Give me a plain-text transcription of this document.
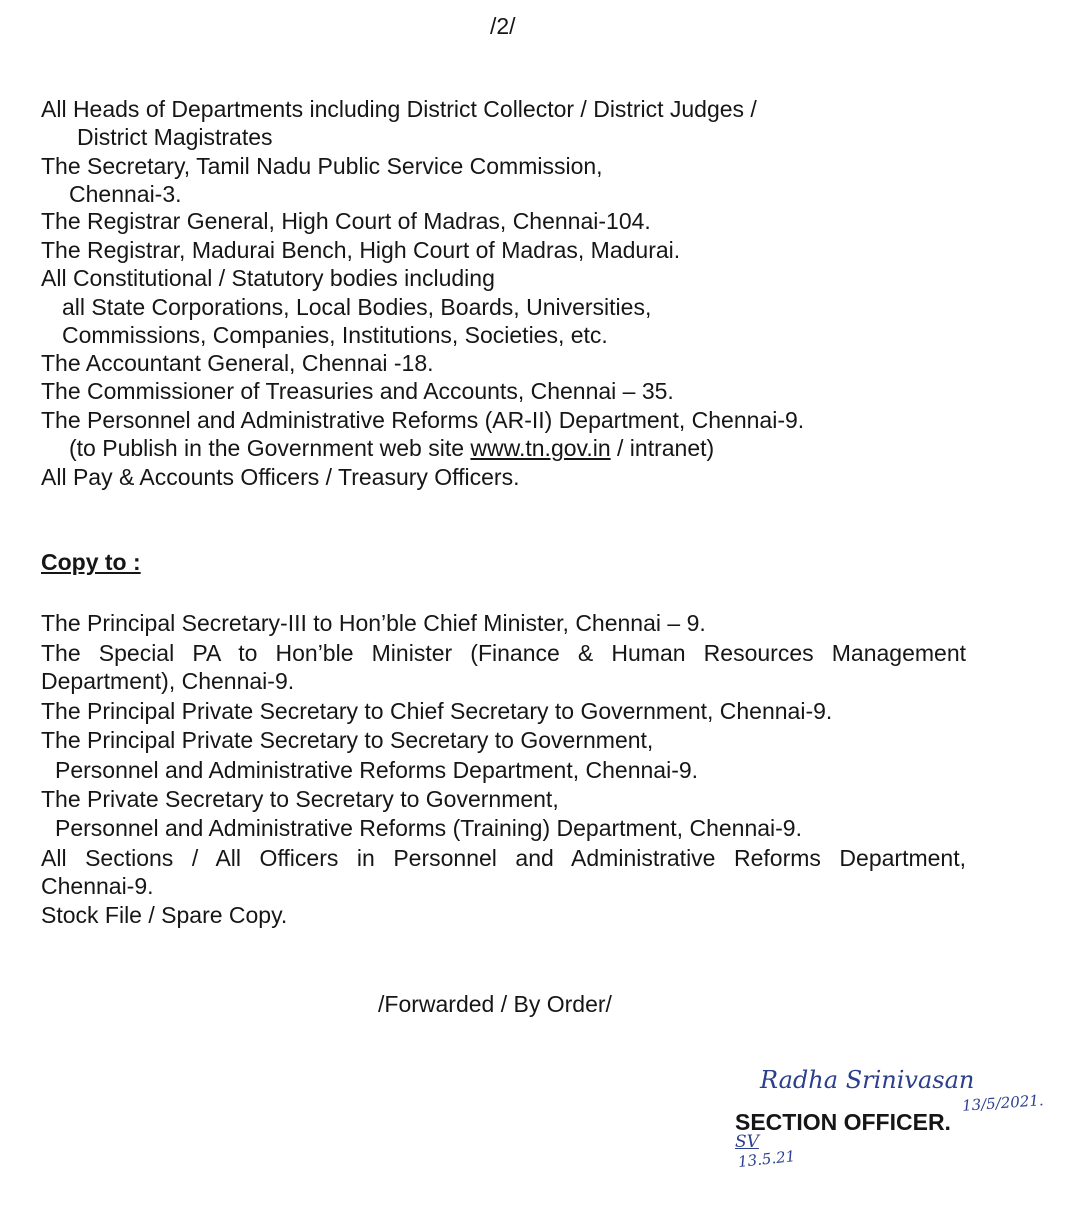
/2/
All Heads of Departments including District Collector / District Judges /
District Magistrates
The Secretary, Tamil Nadu Public Service Commission,
Chennai-3.
The Registrar General, High Court of Madras, Chennai-104.
The Registrar, Madurai Bench, High Court of Madras, Madurai.
All Constitutional / Statutory bodies including
all State Corporations, Local Bodies, Boards, Universities,
Commissions, Companies, Institutions, Societies, etc.
The Accountant General, Chennai -18.
The Commissioner of Treasuries and Accounts, Chennai – 35.
The Personnel and Administrative Reforms (AR-II) Department, Chennai-9.
(to Publish in the Government web site www.tn.gov.in / intranet)
All Pay & Accounts Officers / Treasury Officers.
Copy to :
The Principal Secretary-III to Hon’ble Chief Minister, Chennai – 9.
The Special PA to Hon’ble Minister (Finance & Human Resources Management
Department), Chennai-9.
The Principal Private Secretary to Chief Secretary to Government, Chennai-9.
The Principal Private Secretary to Secretary to Government,
Personnel and Administrative Reforms Department, Chennai-9.
The Private Secretary to Secretary to Government,
Personnel and Administrative Reforms (Training) Department, Chennai-9.
All Sections / All Officers in Personnel and Administrative Reforms Department,
Chennai-9.
Stock File / Spare Copy.
/Forwarded / By Order/
Radha Srinivasan
13/5/2021.
SECTION OFFICER.
SV
13.5.21
